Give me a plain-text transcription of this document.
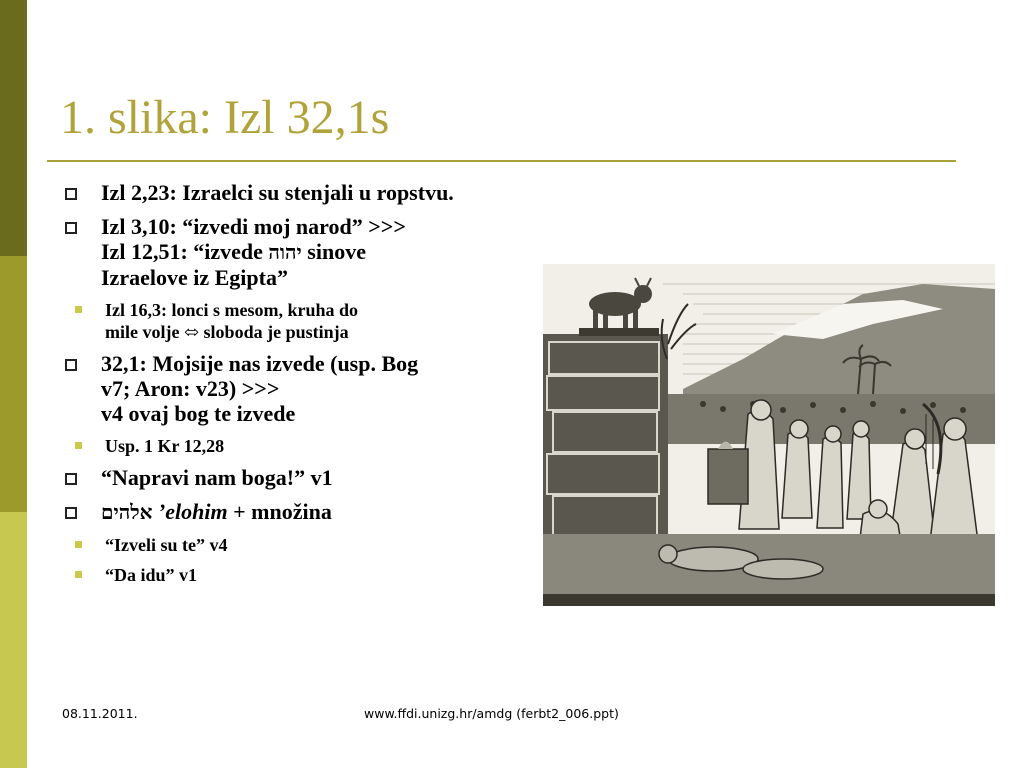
1. slika: Izl 32,1s
Izl 2,23: Izraelci su stenjali u ropstvu.
Izl 3,10: “izvedi moj narod” >>>
Izl 12,51: “izvede יהוה sinove
Izraelove iz Egipta”
Izl 16,3: lonci s mesom, kruha do
mile volje ⬄ sloboda je pustinja
32,1: Mojsije nas izvede (usp. Bog
v7; Aron: v23) >>>
v4 ovaj bog te izvede
Usp. 1 Kr 12,28
“Napravi nam boga!” v1
אלהים ’elohim + množina
“Izveli su te” v4
“Da idu” v1
08.11.2011.	www.ffdi.unizg.hr/amdg (ferbt2_006.ppt)
